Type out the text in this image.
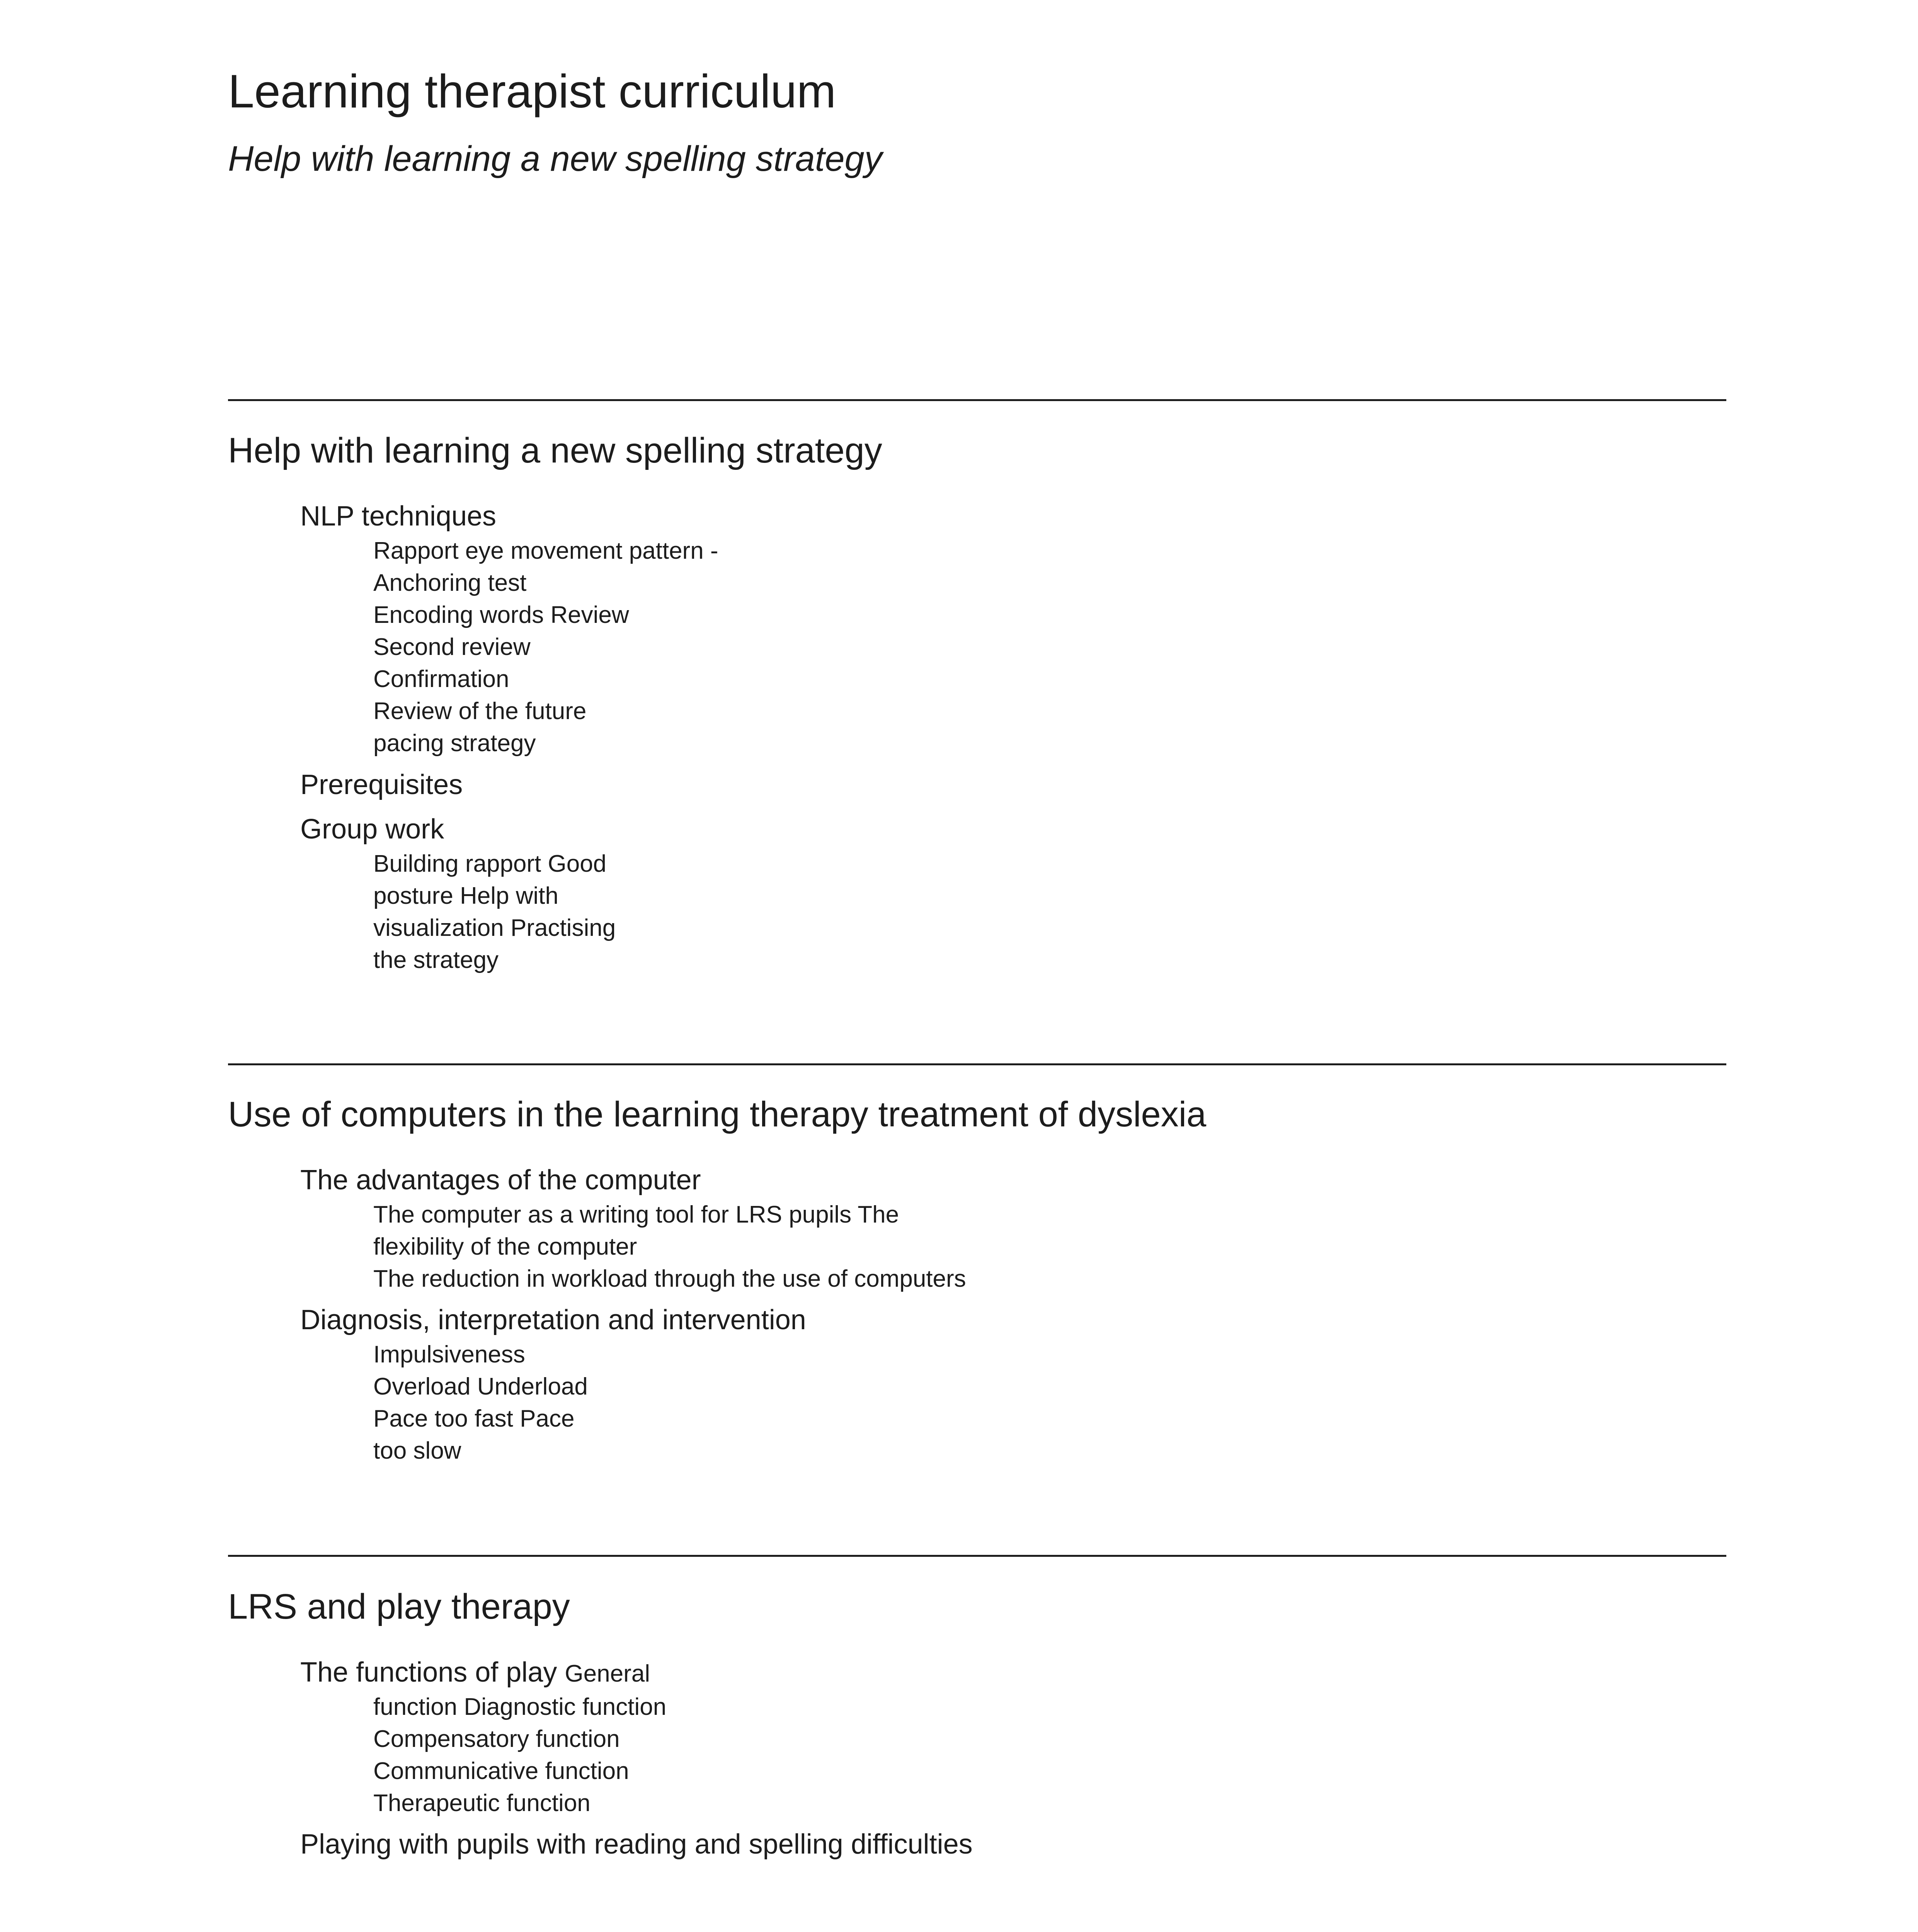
Learning therapist curriculum
Help with learning a new spelling strategy
Help with learning a new spelling strategy
NLP techniques
Rapport eye movement pattern -
Anchoring test
Encoding words Review
Second review
Confirmation
Review of the future
pacing strategy
Prerequisites
Group work
Building rapport Good
posture Help with
visualization Practising
the strategy
Use of computers in the learning therapy treatment of dyslexia
The advantages of the computer
The computer as a writing tool for LRS pupils The
flexibility of the computer
The reduction in workload through the use of computers
Diagnosis, interpretation and intervention
Impulsiveness
Overload Underload
Pace too fast Pace
too slow
LRS and play therapy
The functions of play General
function Diagnostic function
Compensatory function
Communicative function
Therapeutic function
Playing with pupils with reading and spelling difficulties
